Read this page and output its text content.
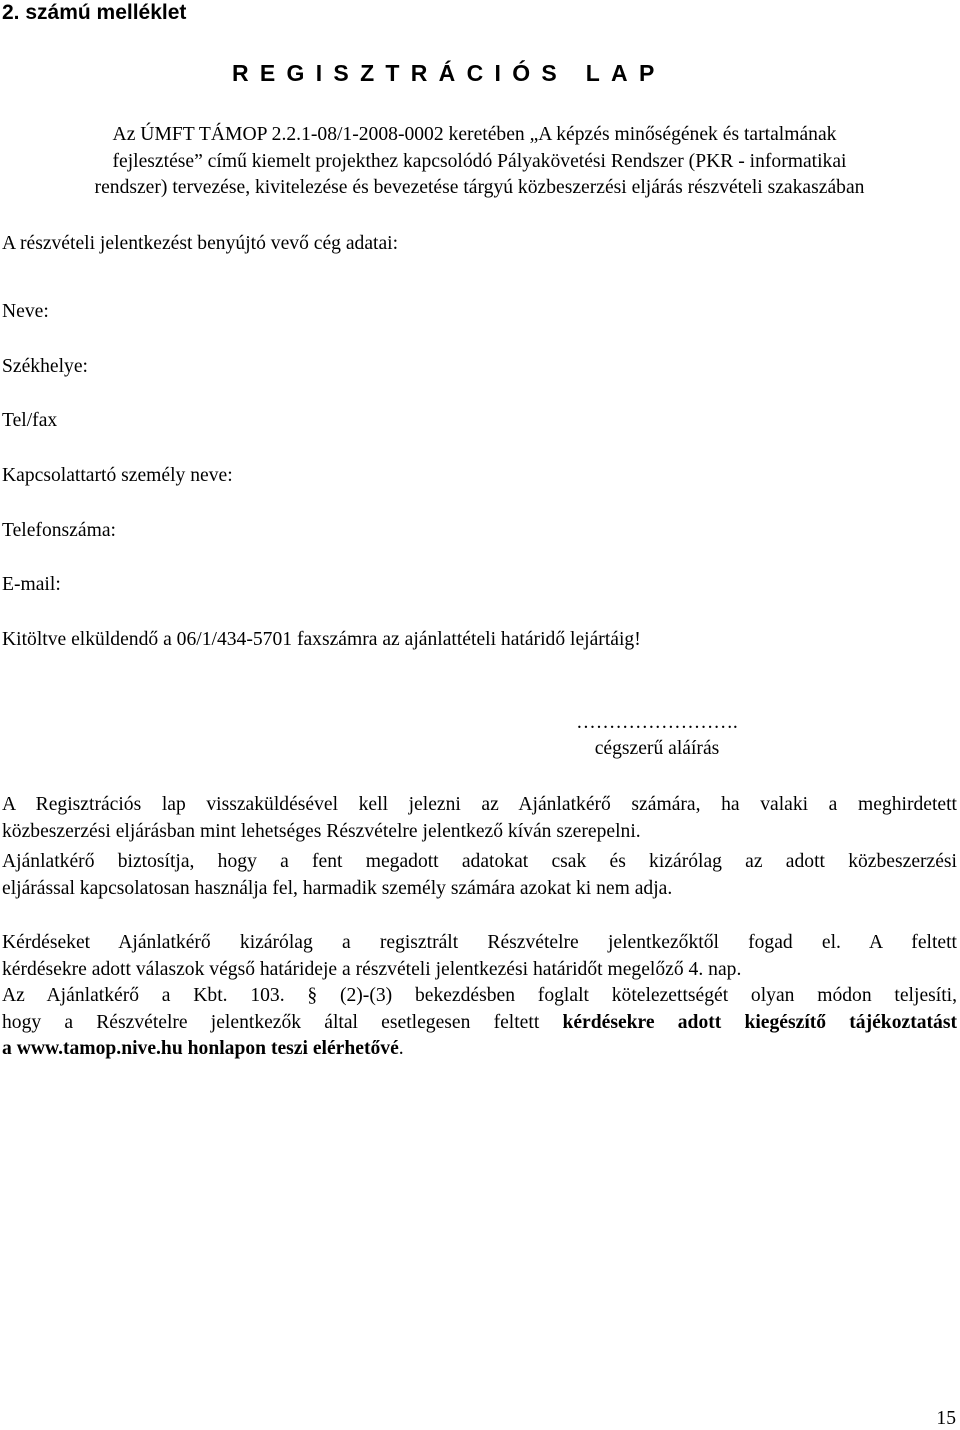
2. számú melléklet
REGISZTRÁCIÓS LAP
Az ÚMFT TÁMOP 2.2.1-08/1-2008-0002 keretében „A képzés minőségének és tartalmának
fejlesztése” című kiemelt projekthez kapcsolódó Pályakövetési Rendszer (PKR - informatikai
rendszer) tervezése, kivitelezése és bevezetése tárgyú közbeszerzési eljárás részvételi szakaszában
A részvételi jelentkezést benyújtó vevő cég adatai:
Neve:
Székhelye:
Tel/fax
Kapcsolattartó személy neve:
Telefonszáma:
E-mail:
Kitöltve elküldendő a 06/1/434-5701 faxszámra az ajánlattételi határidő lejártáig!
…………………….
cégszerű aláírás
A Regisztrációs lap visszaküldésével kell jelezni az Ajánlatkérő számára, ha valaki a meghirdetett
közbeszerzési eljárásban mint lehetséges Részvételre jelentkező kíván szerepelni.
Ajánlatkérő biztosítja, hogy a fent megadott adatokat csak és kizárólag az adott közbeszerzési
eljárással kapcsolatosan használja fel, harmadik személy számára azokat ki nem adja.
Kérdéseket Ajánlatkérő kizárólag a regisztrált Részvételre jelentkezőktől fogad el. A feltett
kérdésekre adott válaszok végső határideje a részvételi jelentkezési határidőt megelőző 4. nap.
Az Ajánlatkérő a Kbt. 103. § (2)-(3) bekezdésben foglalt kötelezettségét olyan módon teljesíti,
hogy a Részvételre jelentkezők által esetlegesen feltett kérdésekre adott kiegészítő tájékoztatást
a www.tamop.nive.hu honlapon teszi elérhetővé.
15
